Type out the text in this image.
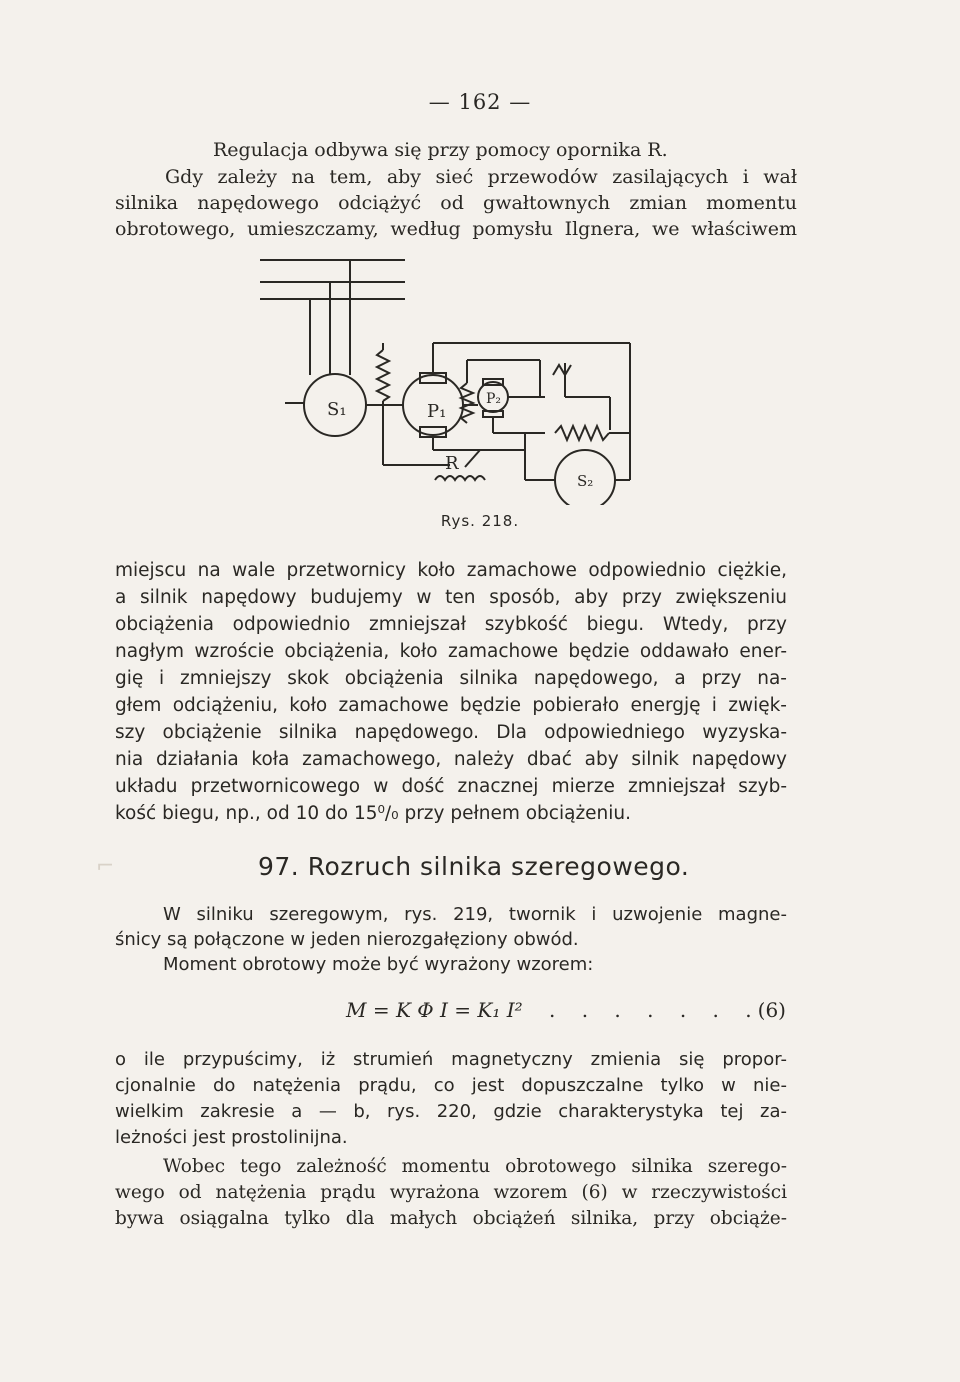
— 162 —

Regulacja odbywa się przy pomocy opornika R.

Gdy zależy na tem, aby sieć przewodów zasilających i wał
silnika napędowego odciążyć od gwałtownych zmian momentu
obrotowego, umieszczamy, według pomysłu Ilgnera, we właściwem
S₁	P₁
P₂
R
S₂
Rys. 218.
miejscu na wale przetwornicy koło zamachowe odpowiednio ciężkie,
a silnik napędowy budujemy w ten sposób, aby przy zwiększeniu
obciążenia odpowiednio zmniejszał szybkość biegu. Wtedy, przy
nagłym wzroście obciążenia, koło zamachowe będzie oddawało ener-
gię i zmniejszy skok obciążenia silnika napędowego, a przy na-
głem odciążeniu, koło zamachowe będzie pobierało energję i zwięk-
szy obciążenie silnika napędowego. Dla odpowiedniego wyzyska-
nia działania koła zamachowego, należy dbać aby silnik napędowy
układu przetwornicowego w dość znacznej mierze zmniejszał szyb-
kość biegu, np., od 10 do 15⁰/₀ przy pełnem obciążeniu.
⌐	97. Rozruch silnika szeregowego.
W silniku szeregowym, rys. 219, twornik i uzwojenie magne-
śnicy są połączone w jeden nierozgałęziony obwód.
Moment obrotowy może być wyrażony wzorem:
M = K Φ I = K₁ I² . . . . . . .
(6)
o ile przypuścimy, iż strumień magnetyczny zmienia się propor-
cjonalnie do natężenia prądu, co jest dopuszczalne tylko w nie-
wielkim zakresie a — b, rys. 220, gdzie charakterystyka tej za-
leżności jest prostolinijna.
Wobec tego zależność momentu obrotowego silnika szerego-
wego od natężenia prądu wyrażona wzorem (6) w rzeczywistości
bywa osiągalna tylko dla małych obciążeń silnika, przy obciąże-
